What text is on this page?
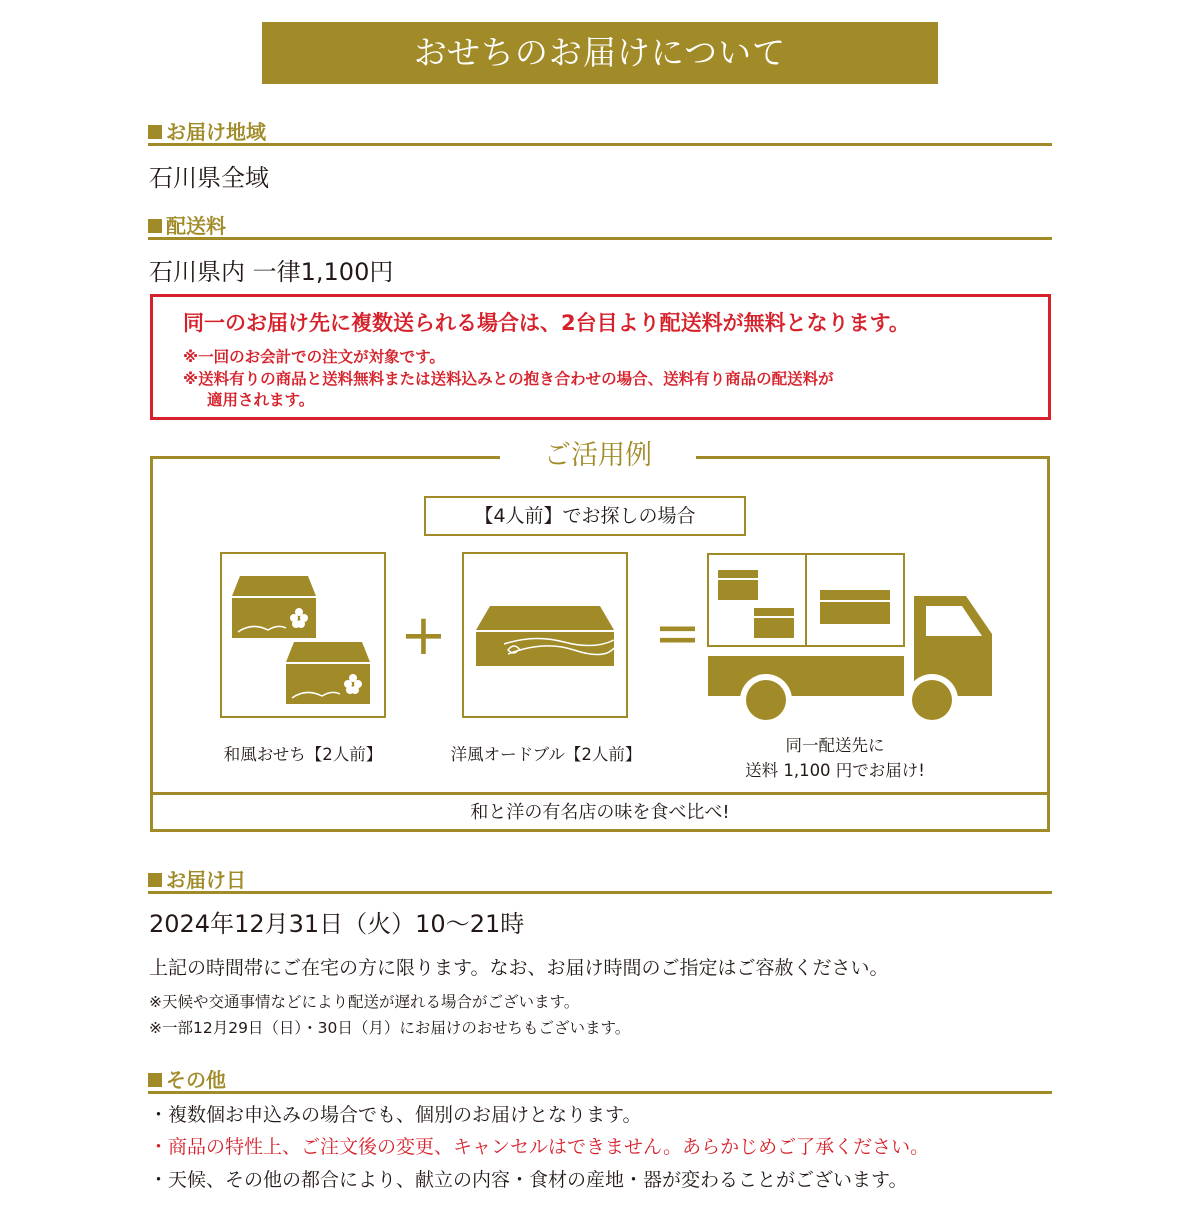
おせちのお届けについて
お届け地域
石川県全域
配送料
石川県内 一律1,100円
同一のお届け先に複数送られる場合は、2台目より配送料が無料となります。
※一回のお会計での注文が対象です。
※送料有りの商品と送料無料または送料込みとの抱き合わせの場合、送料有り商品の配送料が
適用されます。
ご活用例
【4人前】でお探しの場合
和風おせち【2人前】
+
洋風オードブル【2人前】
=
同一配送先に
送料 1,100 円でお届け!
和と洋の有名店の味を食べ比べ!
お届け日
2024年12月31日（火）10〜21時
上記の時間帯にご在宅の方に限ります。なお、お届け時間のご指定はご容赦ください。
※天候や交通事情などにより配送が遅れる場合がございます。
※一部12月29日（日）・30日（月）にお届けのおせちもございます。
その他
・複数個お申込みの場合でも、個別のお届けとなります。
・商品の特性上、ご注文後の変更、キャンセルはできません。あらかじめご了承ください。
・天候、その他の都合により、献立の内容・食材の産地・器が変わることがございます。
